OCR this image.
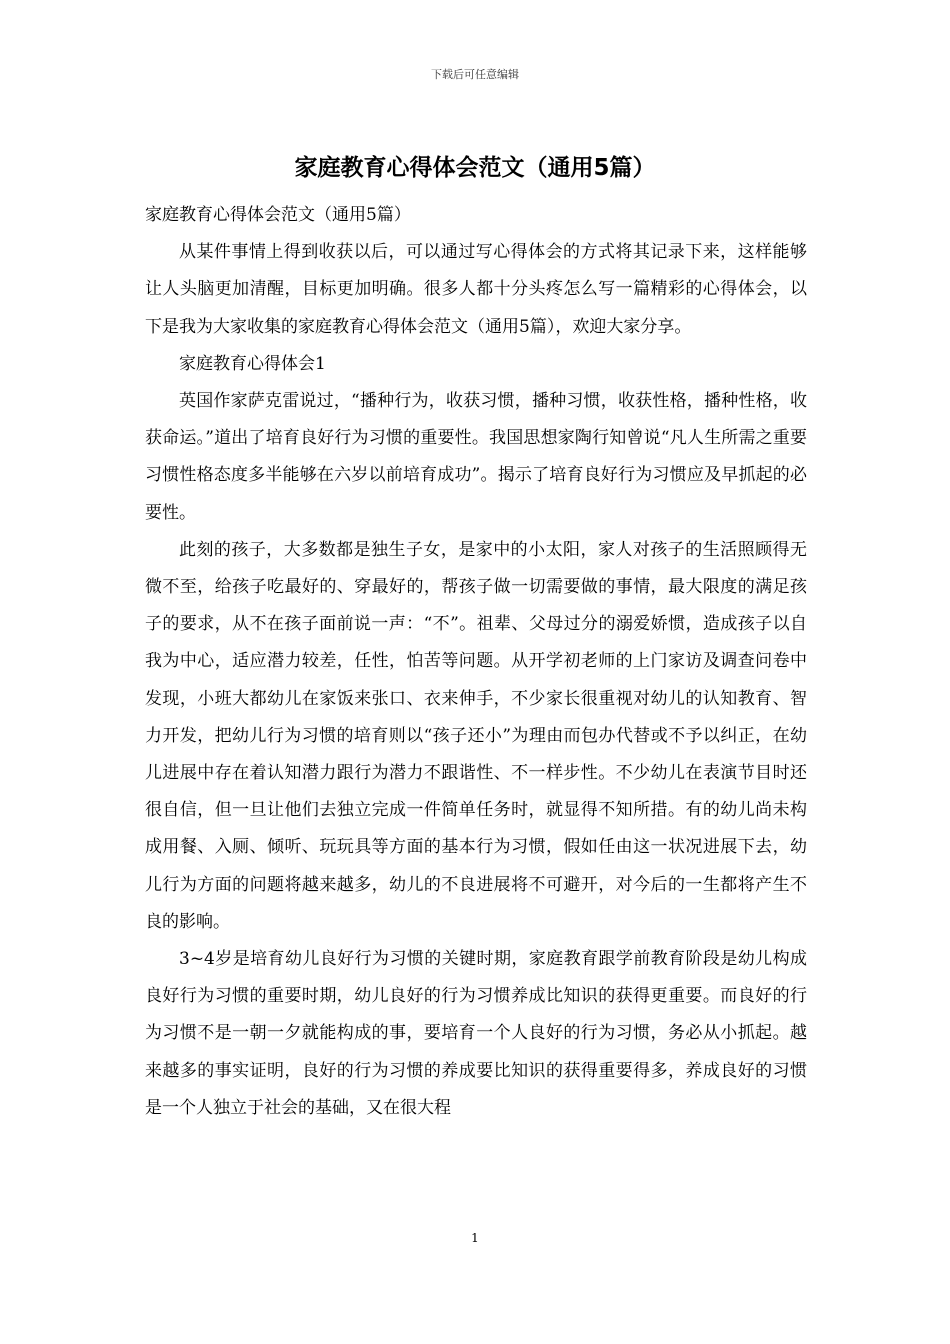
下载后可任意编辑
家庭教育心得体会范文（通用5篇）

家庭教育心得体会范文（通用5篇）

从某件事情上得到收获以后，可以通过写心得体会的方式将其记录下来，这样能够让人头脑更加清醒，目标更加明确。很多人都十分头疼怎么写一篇精彩的心得体会，以下是我为大家收集的家庭教育心得体会范文（通用5篇），欢迎大家分享。

家庭教育心得体会1

英国作家萨克雷说过，“播种行为，收获习惯，播种习惯，收获性格，播种性格，收获命运。”道出了培育良好行为习惯的重要性。我国思想家陶行知曾说“凡人生所需之重要习惯性格态度多半能够在六岁以前培育成功”。揭示了培育良好行为习惯应及早抓起的必要性。

此刻的孩子，大多数都是独生子女，是家中的小太阳，家人对孩子的生活照顾得无微不至，给孩子吃最好的、穿最好的，帮孩子做一切需要做的事情，最大限度的满足孩子的要求，从不在孩子面前说一声：“不”。祖辈、父母过分的溺爱娇惯，造成孩子以自我为中心，适应潜力较差，任性，怕苦等问题。从开学初老师的上门家访及调查问卷中发现，小班大都幼儿在家饭来张口、衣来伸手，不少家长很重视对幼儿的认知教育、智力开发，把幼儿行为习惯的培育则以“孩子还小”为理由而包办代替或不予以纠正，在幼儿进展中存在着认知潜力跟行为潜力不跟谐性、不一样步性。不少幼儿在表演节目时还很自信，但一旦让他们去独立完成一件简单任务时，就显得不知所措。有的幼儿尚未构成用餐、入厕、倾听、玩玩具等方面的基本行为习惯，假如任由这一状况进展下去，幼儿行为方面的问题将越来越多，幼儿的不良进展将不可避开，对今后的一生都将产生不良的影响。

3~4岁是培育幼儿良好行为习惯的关键时期，家庭教育跟学前教育阶段是幼儿构成良好行为习惯的重要时期，幼儿良好的行为习惯养成比知识的获得更重要。而良好的行为习惯不是一朝一夕就能构成的事，要培育一个人良好的行为习惯，务必从小抓起。越来越多的事实证明，良好的行为习惯的养成要比知识的获得重要得多，养成良好的习惯是一个人独立于社会的基础，又在很大程

1
